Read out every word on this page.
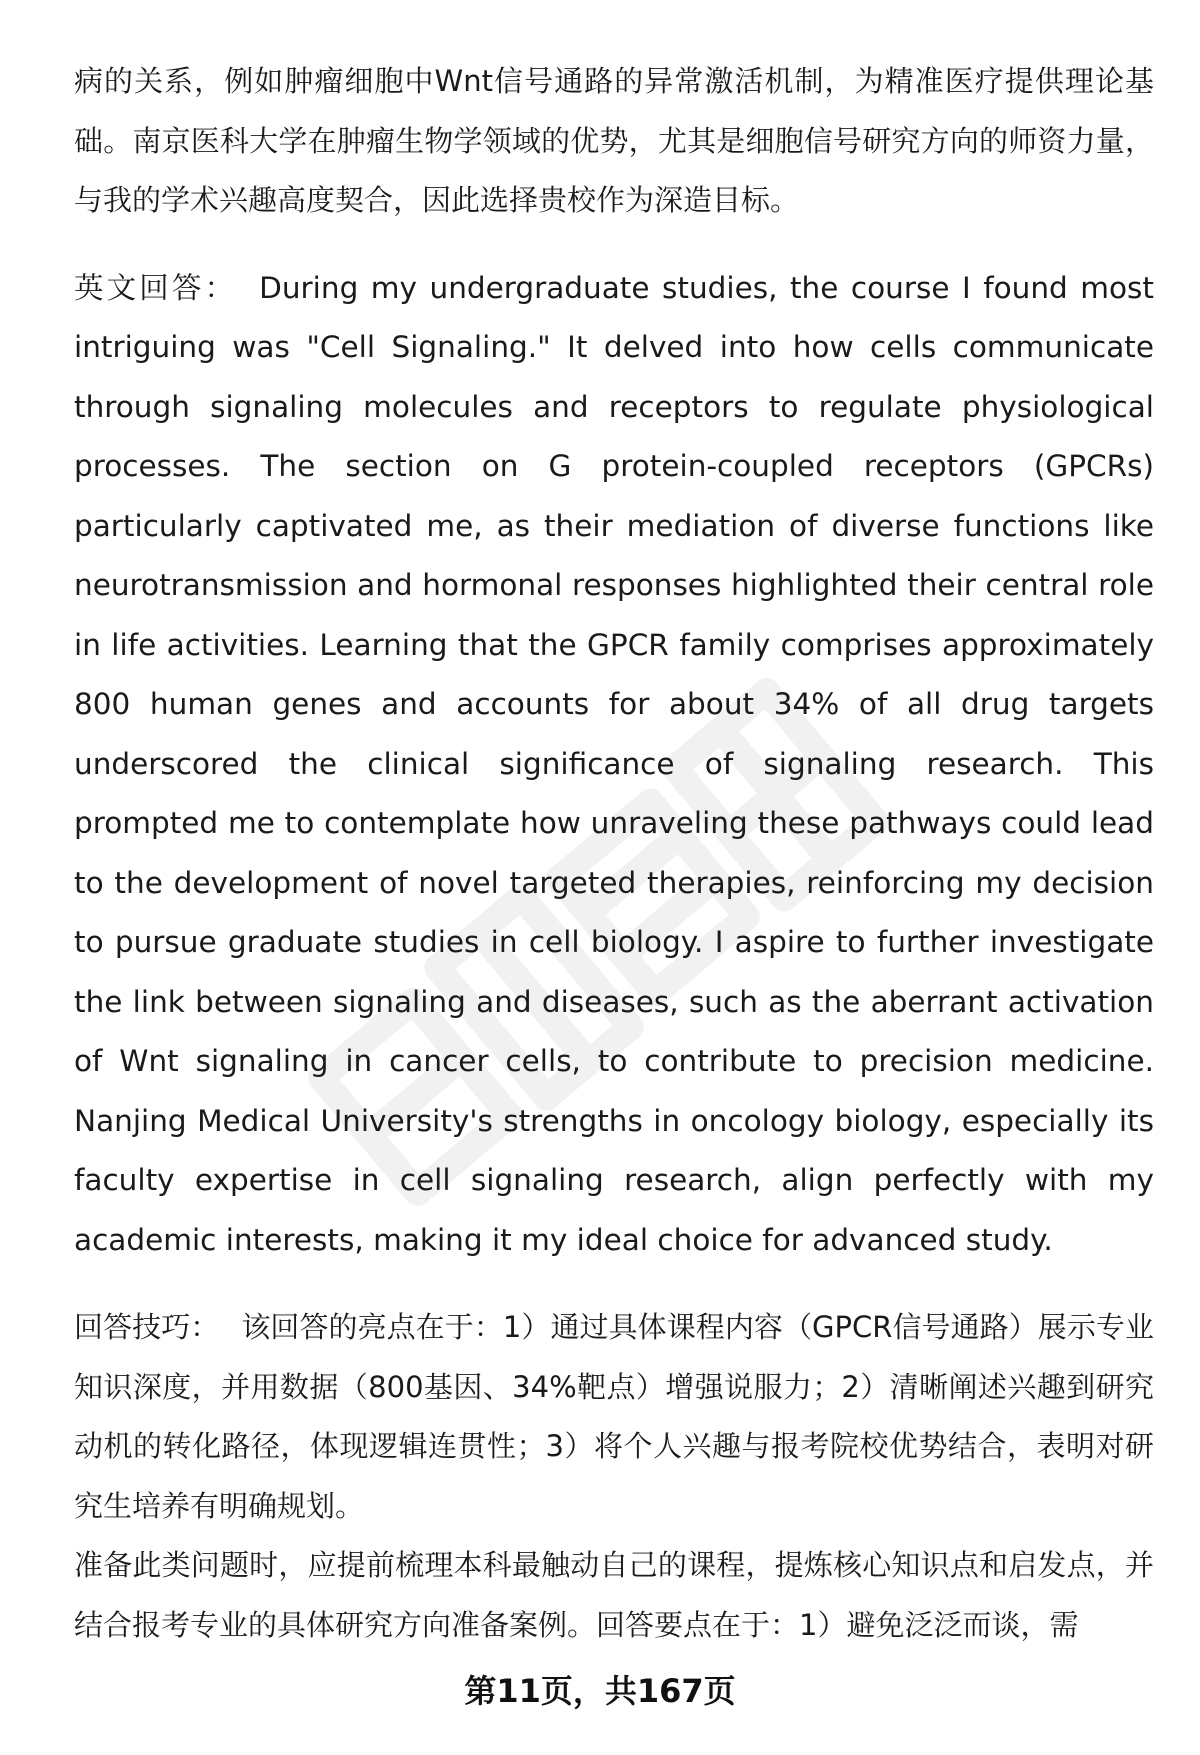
病的关系，例如肿瘤细胞中Wnt信号通路的异常激活机制，为精准医疗提供理论基础。南京医科大学在肿瘤生物学领域的优势，尤其是细胞信号研究方向的师资力量，与我的学术兴趣高度契合，因此选择贵校作为深造目标。

英文回答： During my undergraduate studies, the course I found most intriguing was "Cell Signaling." It delved into how cells communicate through signaling molecules and receptors to regulate physiological processes. The section on G protein-coupled receptors (GPCRs) particularly captivated me, as their mediation of diverse functions like neurotransmission and hormonal responses highlighted their central role in life activities. Learning that the GPCR family comprises approximately 800 human genes and accounts for about 34% of all drug targets underscored the clinical significance of signaling research. This prompted me to contemplate how unraveling these pathways could lead to the development of novel targeted therapies, reinforcing my decision to pursue graduate studies in cell biology. I aspire to further investigate the link between signaling and diseases, such as the aberrant activation of Wnt signaling in cancer cells, to contribute to precision medicine. Nanjing Medical University's strengths in oncology biology, especially its faculty expertise in cell signaling research, align perfectly with my academic interests, making it my ideal choice for advanced study.

回答技巧： 该回答的亮点在于：1）通过具体课程内容（GPCR信号通路）展示专业知识深度，并用数据（800基因、34%靶点）增强说服力；2）清晰阐述兴趣到研究动机的转化路径，体现逻辑连贯性；3）将个人兴趣与报考院校优势结合，表明对研究生培养有明确规划。

准备此类问题时，应提前梳理本科最触动自己的课程，提炼核心知识点和启发点，并结合报考专业的具体研究方向准备案例。回答要点在于：1）避免泛泛而谈，需

第11页，共167页
